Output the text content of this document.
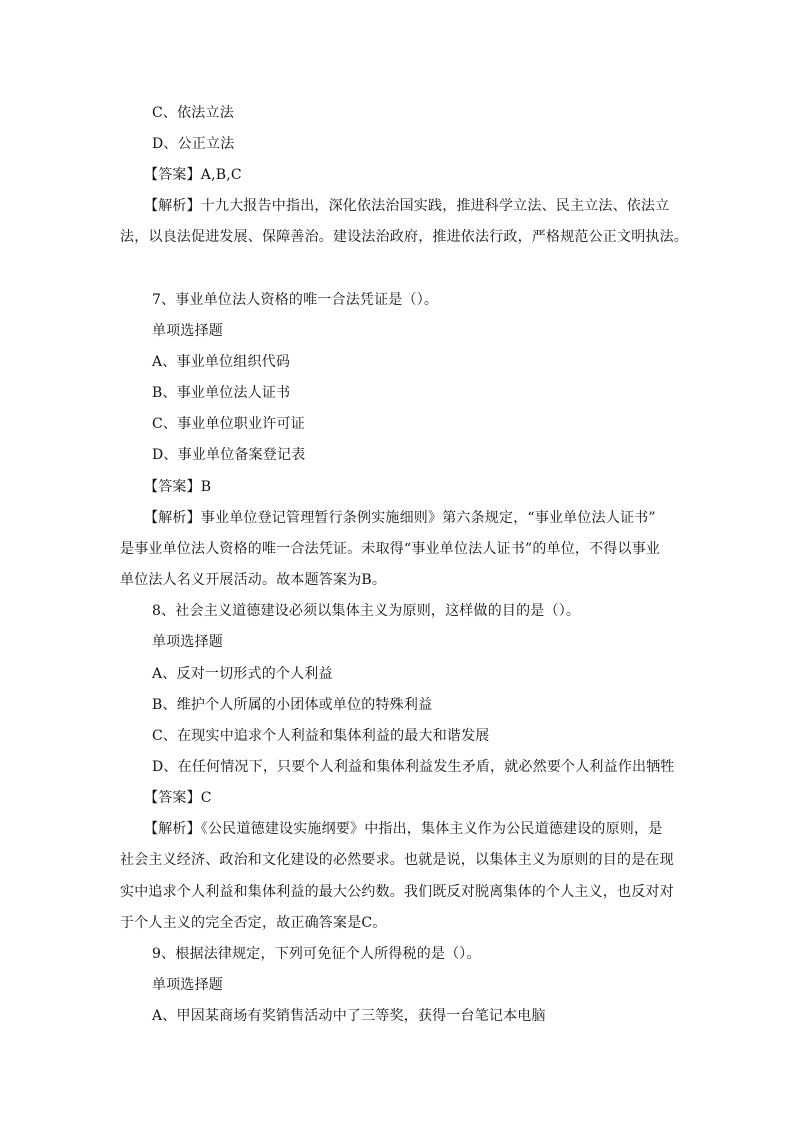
C、依法立法
D、公正立法
【答案】A,B,C
【解析】十九大报告中指出，深化依法治国实践，推进科学立法、民主立法、依法立
法，以良法促进发展、保障善治。建设法治政府，推进依法行政，严格规范公正文明执法。
7、事业单位法人资格的唯一合法凭证是（）。
单项选择题
A、事业单位组织代码
B、事业单位法人证书
C、事业单位职业许可证
D、事业单位备案登记表
【答案】B
【解析】事业单位登记管理暂行条例实施细则》第六条规定，“事业单位法人证书”
是事业单位法人资格的唯一合法凭证。未取得“事业单位法人证书”的单位，不得以事业
单位法人名义开展活动。故本题答案为B。
8、社会主义道德建设必须以集体主义为原则，这样做的目的是（）。
单项选择题
A、反对一切形式的个人利益
B、维护个人所属的小团体或单位的特殊利益
C、在现实中追求个人利益和集体利益的最大和谐发展
D、在任何情况下，只要个人利益和集体利益发生矛盾，就必然要个人利益作出牺牲
【答案】C
【解析】《公民道德建设实施纲要》中指出，集体主义作为公民道德建设的原则，是
社会主义经济、政治和文化建设的必然要求。也就是说，以集体主义为原则的目的是在现
实中追求个人利益和集体利益的最大公约数。我们既反对脱离集体的个人主义，也反对对
于个人主义的完全否定，故正确答案是C。
9、根据法律规定，下列可免征个人所得税的是（）。
单项选择题
A、甲因某商场有奖销售活动中了三等奖，获得一台笔记本电脑
